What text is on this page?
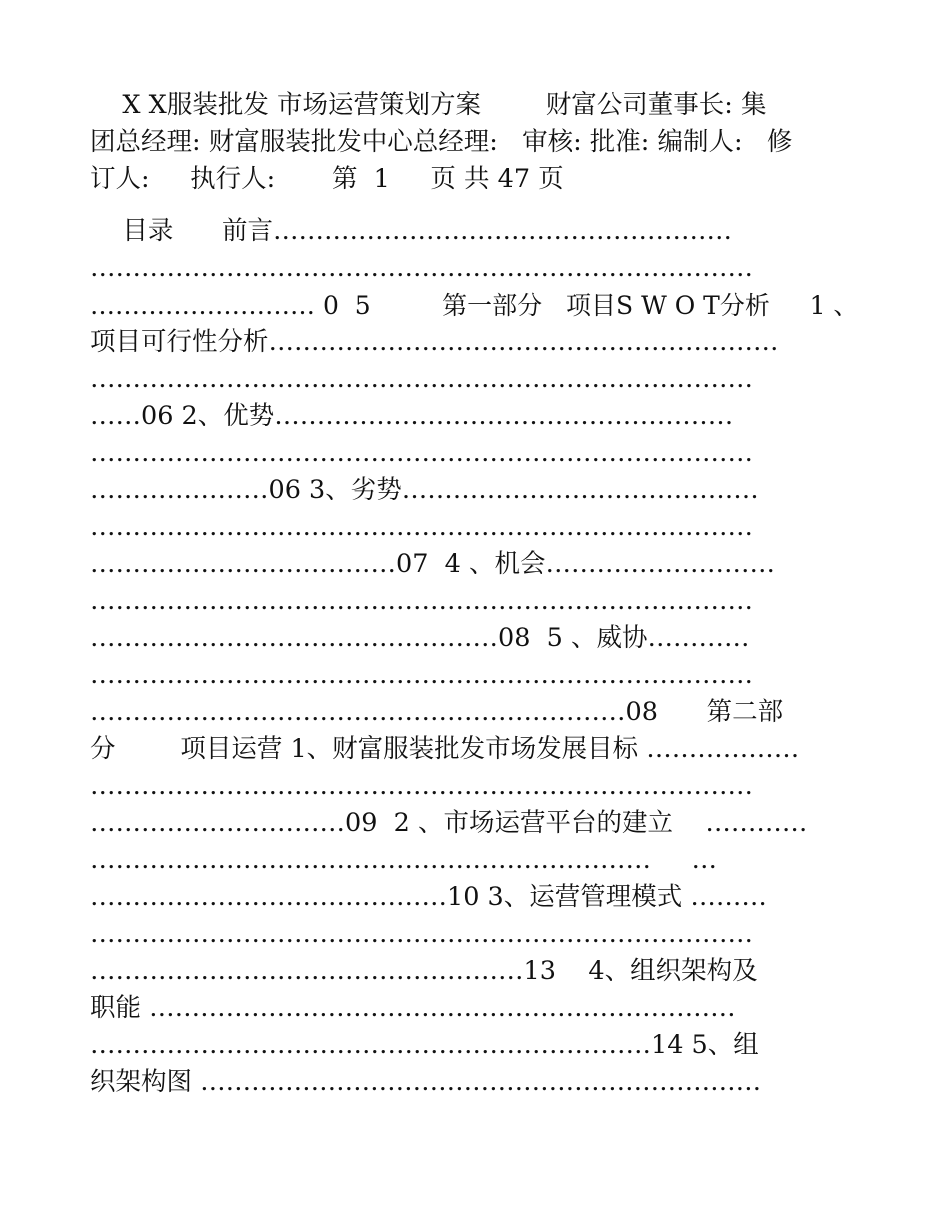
X X服装批发 市场运营策划方案        财富公司董事长: 集
团总经理: 财富服装批发中心总经理:   审核: 批准: 编制人:   修
订人:     执行人:       第  1     页 共 47 页
目录      前言………………………………………………
……………………………………………………………………
……………………… 0  5         第一部分   项目S W O T分析     1 、
项目可行性分析……………………………………………………
……………………………………………………………………
……06 2、优势………………………………………………
……………………………………………………………………
…………………06 3、劣势……………………………………
……………………………………………………………………
………………………………07  4 、机会………………………
……………………………………………………………………
…………………………………………08  5 、威协…………
……………………………………………………………………
………………………………………………………08      第二部
分        项目运营 1、财富服装批发市场发展目标 ………………
……………………………………………………………………
…………………………09  2 、市场运营平台的建立    …………
…………………………………………………………     …
……………………………………10 3、运营管理模式 ………
……………………………………………………………………
……………………………………………13    4、组织架构及
职能 ……………………………………………………………
…………………………………………………………14 5、组
织架构图 …………………………………………………………
